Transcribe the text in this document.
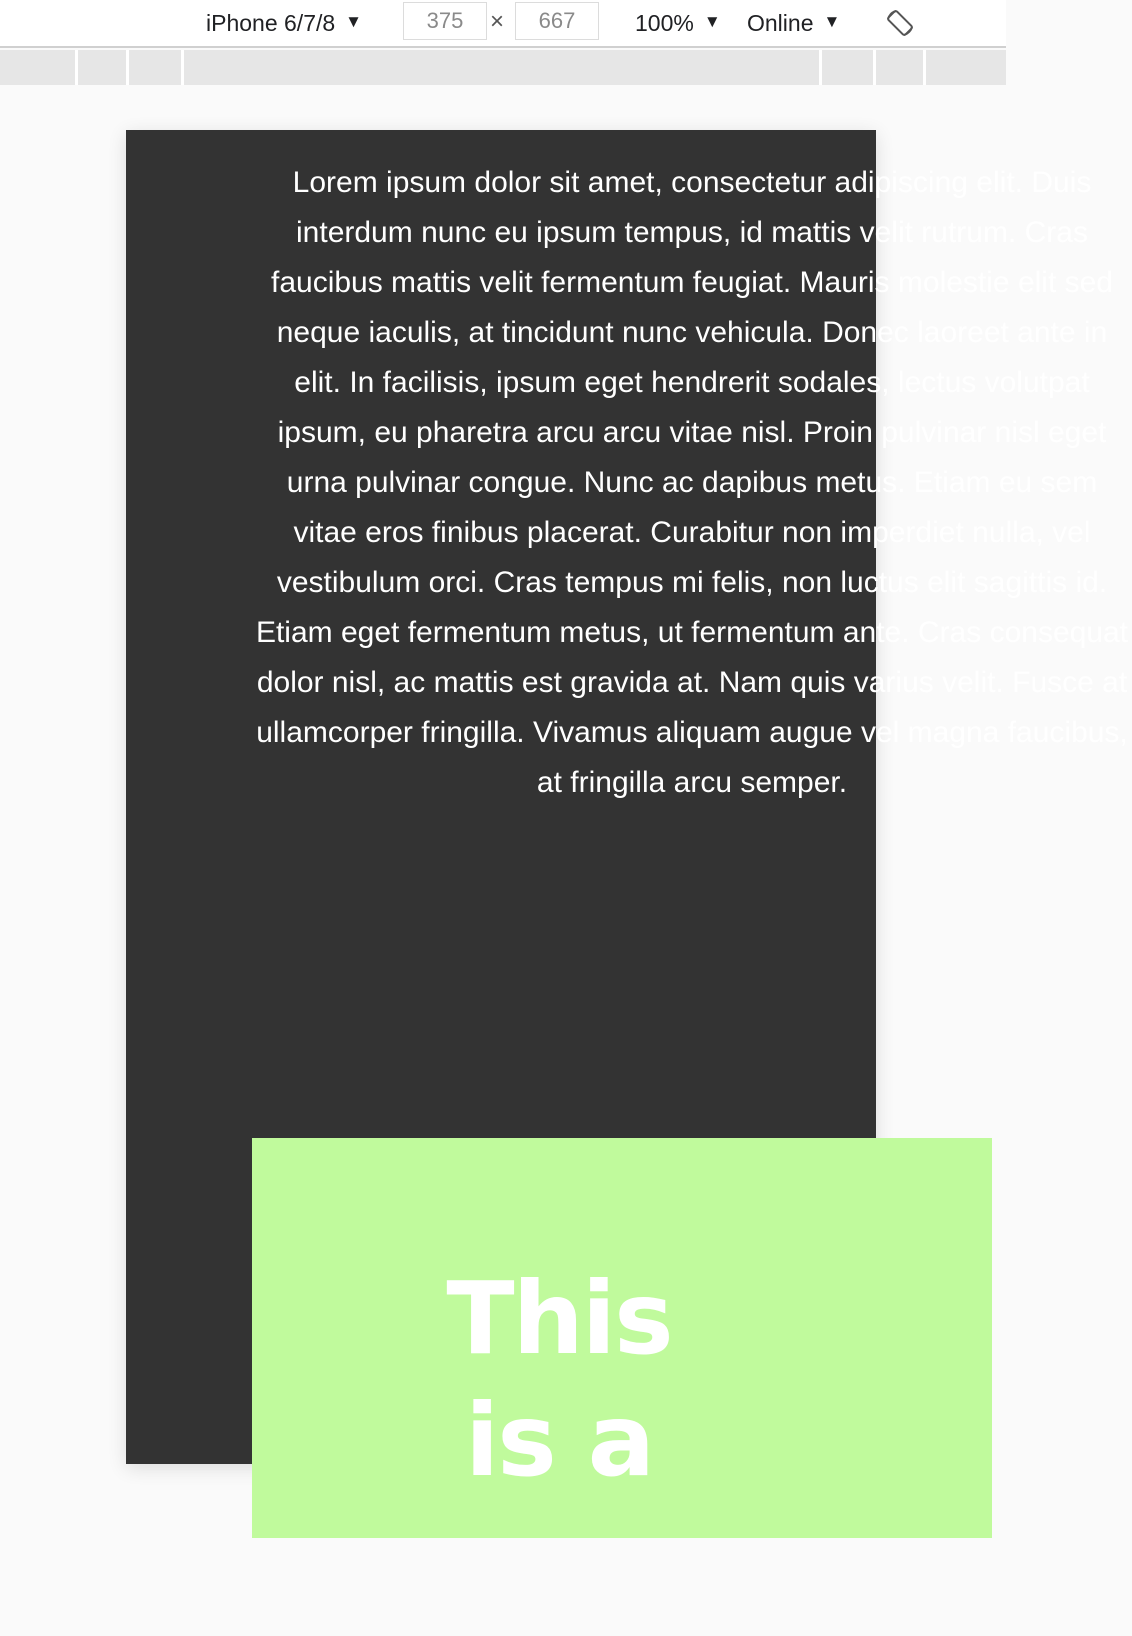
iPhone 6/7/8 ▼	375	×	667	100% ▼ Online ▼

Lorem ipsum dolor sit amet, consectetur adipiscing elit. Duis interdum nunc eu ipsum tempus, id mattis velit rutrum. Cras faucibus mattis velit fermentum feugiat. Mauris molestie elit sed neque iaculis, at tincidunt nunc vehicula. Donec laoreet ante in elit. In facilisis, ipsum eget hendrerit sodales, lectus volutpat ipsum, eu pharetra arcu arcu vitae nisl. Proin pulvinar nisl eget urna pulvinar congue. Nunc ac dapibus metus. Etiam eu sem vitae eros finibus placerat. Curabitur non imperdiet nulla, vel vestibulum orci. Cras tempus mi felis, non luctus elit sagittis id. Etiam eget fermentum metus, ut fermentum ante. Cras consequat dolor nisl, ac mattis est gravida at. Nam quis varius velit. Fusce at ullamcorper fringilla. Vivamus aliquam augue vel magna faucibus, at fringilla arcu semper.

This
is a
